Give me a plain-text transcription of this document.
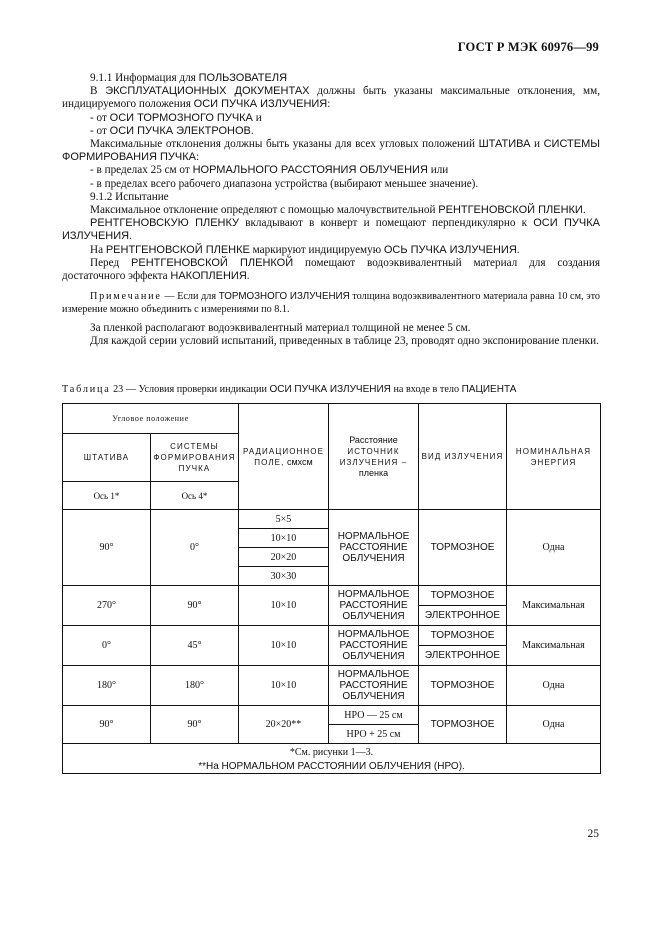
ГОСТ Р МЭК 60976—99

9.1.1 Информация для ПОЛЬЗОВАТЕЛЯ

В ЭКСПЛУАТАЦИОННЫХ ДОКУМЕНТАХ должны быть указаны максимальные отклонения, мм, индицируемого положения ОСИ ПУЧКА ИЗЛУЧЕНИЯ:

- от ОСИ ТОРМОЗНОГО ПУЧКА и

- от ОСИ ПУЧКА ЭЛЕКТРОНОВ.

Максимальные отклонения должны быть указаны для всех угловых положений ШТАТИВА и СИСТЕМЫ ФОРМИРОВАНИЯ ПУЧКА:

- в пределах 25 см от НОРМАЛЬНОГО РАССТОЯНИЯ ОБЛУЧЕНИЯ или

- в пределах всего рабочего диапазона устройства (выбирают меньшее значение).

9.1.2 Испытание

Максимальное отклонение определяют с помощью малочувствительной РЕНТГЕНОВСКОЙ ПЛЕНКИ.

РЕНТГЕНОВСКУЮ ПЛЕНКУ вкладывают в конверт и помещают перпендикулярно к ОСИ ПУЧКА ИЗЛУЧЕНИЯ.

На РЕНТГЕНОВСКОЙ ПЛЕНКЕ маркируют индицируемую ОСЬ ПУЧКА ИЗЛУЧЕНИЯ.

Перед РЕНТГЕНОВСКОЙ ПЛЕНКОЙ помещают водоэквивалентный материал для создания достаточного эффекта НАКОПЛЕНИЯ.

Примечание — Если для ТОРМОЗНОГО ИЗЛУЧЕНИЯ толщина водоэквивалентного материала равна 10 см, это измерение можно объединить с измерениями по 8.1.

За пленкой располагают водоэквивалентный материал толщиной не менее 5 см.

Для каждой серии условий испытаний, приведенных в таблице 23, проводят одно экспонирование пленки.

Таблица 23 — Условия проверки индикации ОСИ ПУЧКА ИЗЛУЧЕНИЯ на входе в тело ПАЦИЕНТА
Угловое положение		РАДИАЦИОННОЕ ПОЛЕ, смхсм	Расстояние
ИСТОЧНИК ИЗЛУЧЕНИЯ –
пленка	ВИД ИЗЛУЧЕНИЯ	НОМИНАЛЬНАЯ ЭНЕРГИЯ
ШТАТИВА	СИСТЕМЫ ФОРМИРОВАНИЯ ПУЧКА				
Ось 1*	Ось 4*				
90°	0°	5×5	НОРМАЛЬНОЕ РАССТОЯНИЕ ОБЛУЧЕНИЯ	ТОРМОЗНОЕ	Одна
		10×10			
		20×20			
		30×30			
270°	90°	10×10	НОРМАЛЬНОЕ РАССТОЯНИЕ ОБЛУЧЕНИЯ	ТОРМОЗНОЕ	Максимальная
				ЭЛЕКТРОННОЕ	
0°	45°	10×10	НОРМАЛЬНОЕ РАССТОЯНИЕ ОБЛУЧЕНИЯ	ТОРМОЗНОЕ	Максимальная
				ЭЛЕКТРОННОЕ	
180°	180°	10×10	НОРМАЛЬНОЕ РАССТОЯНИЕ ОБЛУЧЕНИЯ	ТОРМОЗНОЕ	Одна
90°	90°	20×20**	НРО — 25 см	ТОРМОЗНОЕ	Одна
			НРО + 25 см		

*См. рисунки 1—3.
**На НОРМАЛЬНОМ РАССТОЯНИИ ОБЛУЧЕНИЯ (НРО).					
25
